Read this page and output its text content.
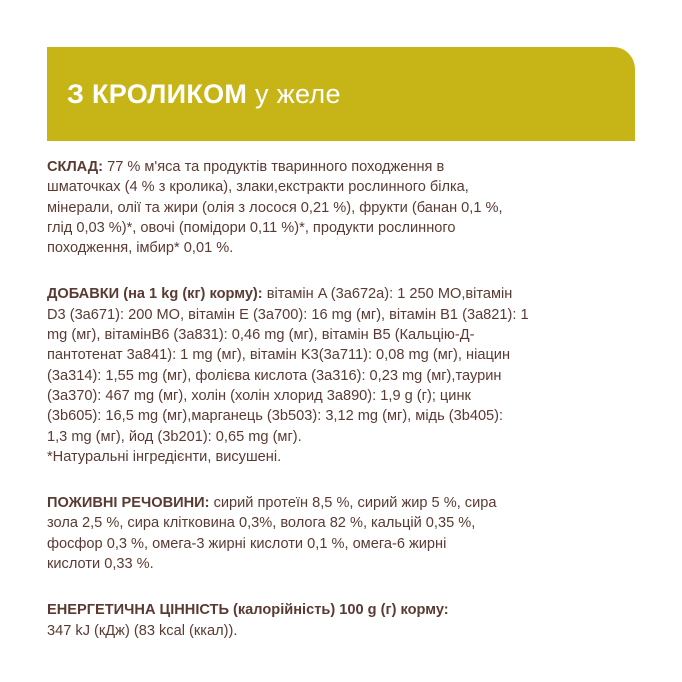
З КРОЛИКОМ у желе
СКЛАД: 77 % м'яса та продуктів тваринного походження в
шматочках (4 % з кролика), злаки,екстракти рослинного білка,
мінерали, олії та жири (олія з лосося 0,21 %), фрукти (банан 0,1 %,
глід 0,03 %)*, овочі (помідори 0,11 %)*, продукти рослинного
походження, імбир* 0,01 %.
ДОБАВКИ (на 1 kg (кг) корму): вітамін A (3a672a): 1 250 МО,вітамін
D3 (3a671): 200 МО, вітамін E (3a700): 16 mg (мг), вітамін B1 (3a821): 1
mg (мг), вітамінB6 (3a831): 0,46 mg (мг), вітамін B5 (Кальцію-Д-
пантотенат 3a841): 1 mg (мг), вітамін K3(3a711): 0,08 mg (мг), ніацин
(3a314): 1,55 mg (мг), фолієва кислота (3a316): 0,23 mg (мг),таурин
(3a370): 467 mg (мг), холін (холін хлорид 3a890): 1,9 g (г); цинк
(3b605): 16,5 mg (мг),марганець (3b503): 3,12 mg (мг), мідь (3b405):
1,3 mg (мг), йод (3b201): 0,65 mg (мг).
*Натуральні інгредієнти, висушені.
ПОЖИВНІ РЕЧОВИНИ: сирий протеїн 8,5 %, сирий жир 5 %, сира
зола 2,5 %, сира клітковина 0,3%, волога 82 %, кальцій 0,35 %,
фосфор 0,3 %, омега-3 жирні кислоти 0,1 %, омега-6 жирні
кислоти 0,33 %.
ЕНЕРГЕТИЧНА ЦІННІСТЬ (калорійність) 100 g (г) корму:
347 kJ (кДж) (83 kcal (ккал)).
